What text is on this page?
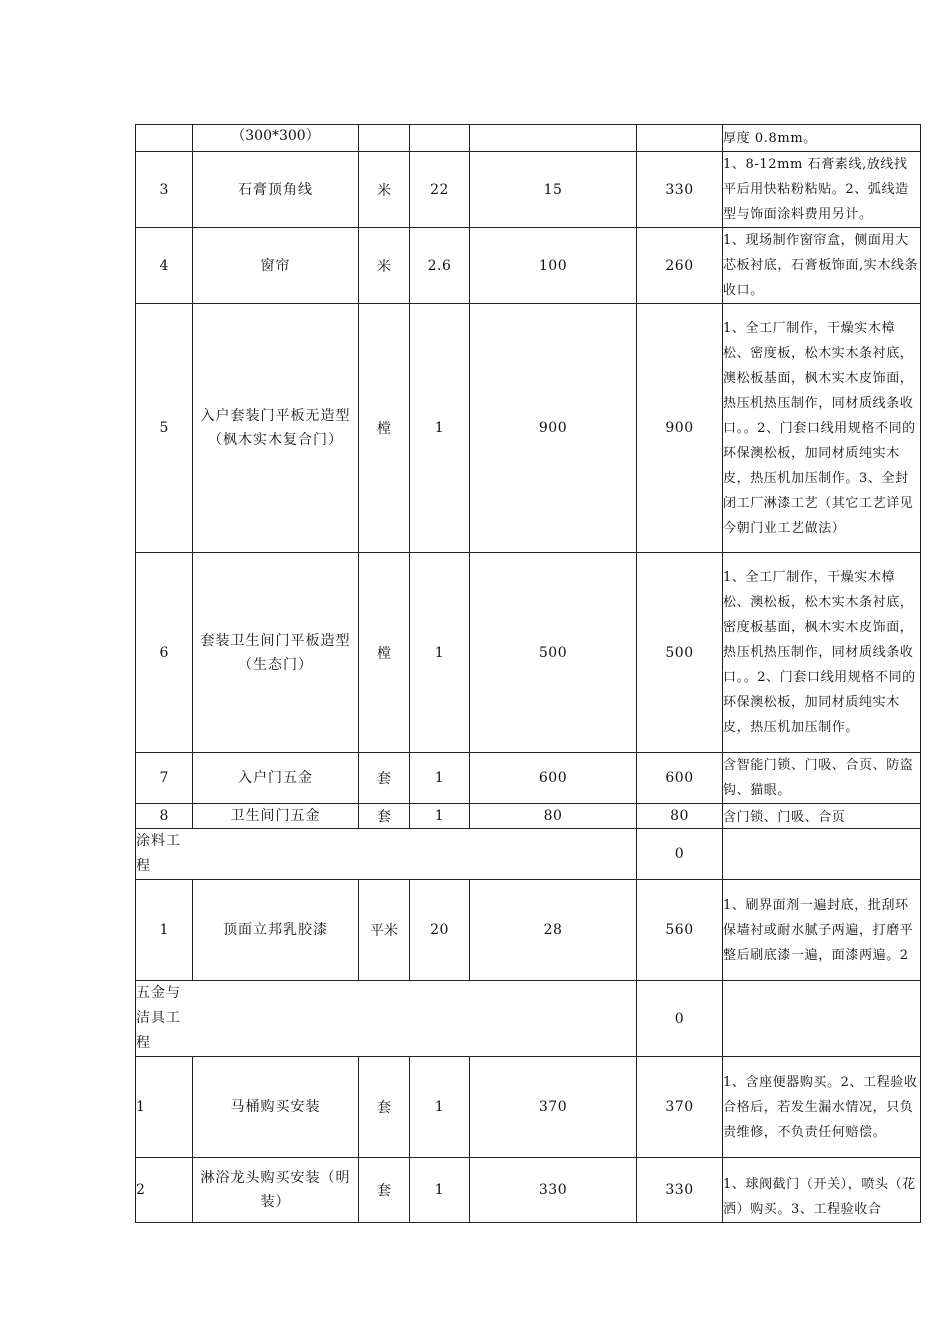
	（300*300）					厚度 0.8mm。
3	石膏顶角线	米	22	15	330	1、8-12mm 石膏素线,放线找平后用快粘粉粘贴。2、弧线造型与饰面涂料费用另计。
4	窗帘	米	2.6	100	260	1、现场制作窗帘盒，侧面用大芯板衬底，石膏板饰面,实木线条收口。
5	入户套装门平板无造型（枫木实木复合门）	樘	1	900	900	1、全工厂制作，干燥实木樟松、密度板，松木实木条衬底，澳松板基面，枫木实木皮饰面，热压机热压制作，同材质线条收口。。2、门套口线用规格不同的环保澳松板，加同材质纯实木皮，热压机加压制作。3、全封闭工厂淋漆工艺（其它工艺详见今朝门业工艺做法）
6	套装卫生间门平板造型（生态门）	樘	1	500	500	1、全工厂制作，干燥实木樟松、澳松板，松木实木条衬底，密度板基面，枫木实木皮饰面，热压机热压制作，同材质线条收口。。2、门套口线用规格不同的环保澳松板，加同材质纯实木皮，热压机加压制作。
7	入户门五金	套	1	600	600	含智能门锁、门吸、合页、防盗钩、猫眼。
8	卫生间门五金	套	1	80	80	含门锁、门吸、合页

涂料工程					0	
1	顶面立邦乳胶漆	平米	20	28	560	1、刷界面剂一遍封底，批刮环保墙衬或耐水腻子两遍，打磨平整后刷底漆一遍，面漆两遍。2

五金与洁具工程					0	
1	马桶购买安装	套	1	370	370	1、含座便器购买。2、工程验收合格后，若发生漏水情况，只负责维修，不负责任何赔偿。
2	淋浴龙头购买安装（明装）	套	1	330	330	1、球阀截门（开关），喷头（花洒）购买。3、工程验收合
